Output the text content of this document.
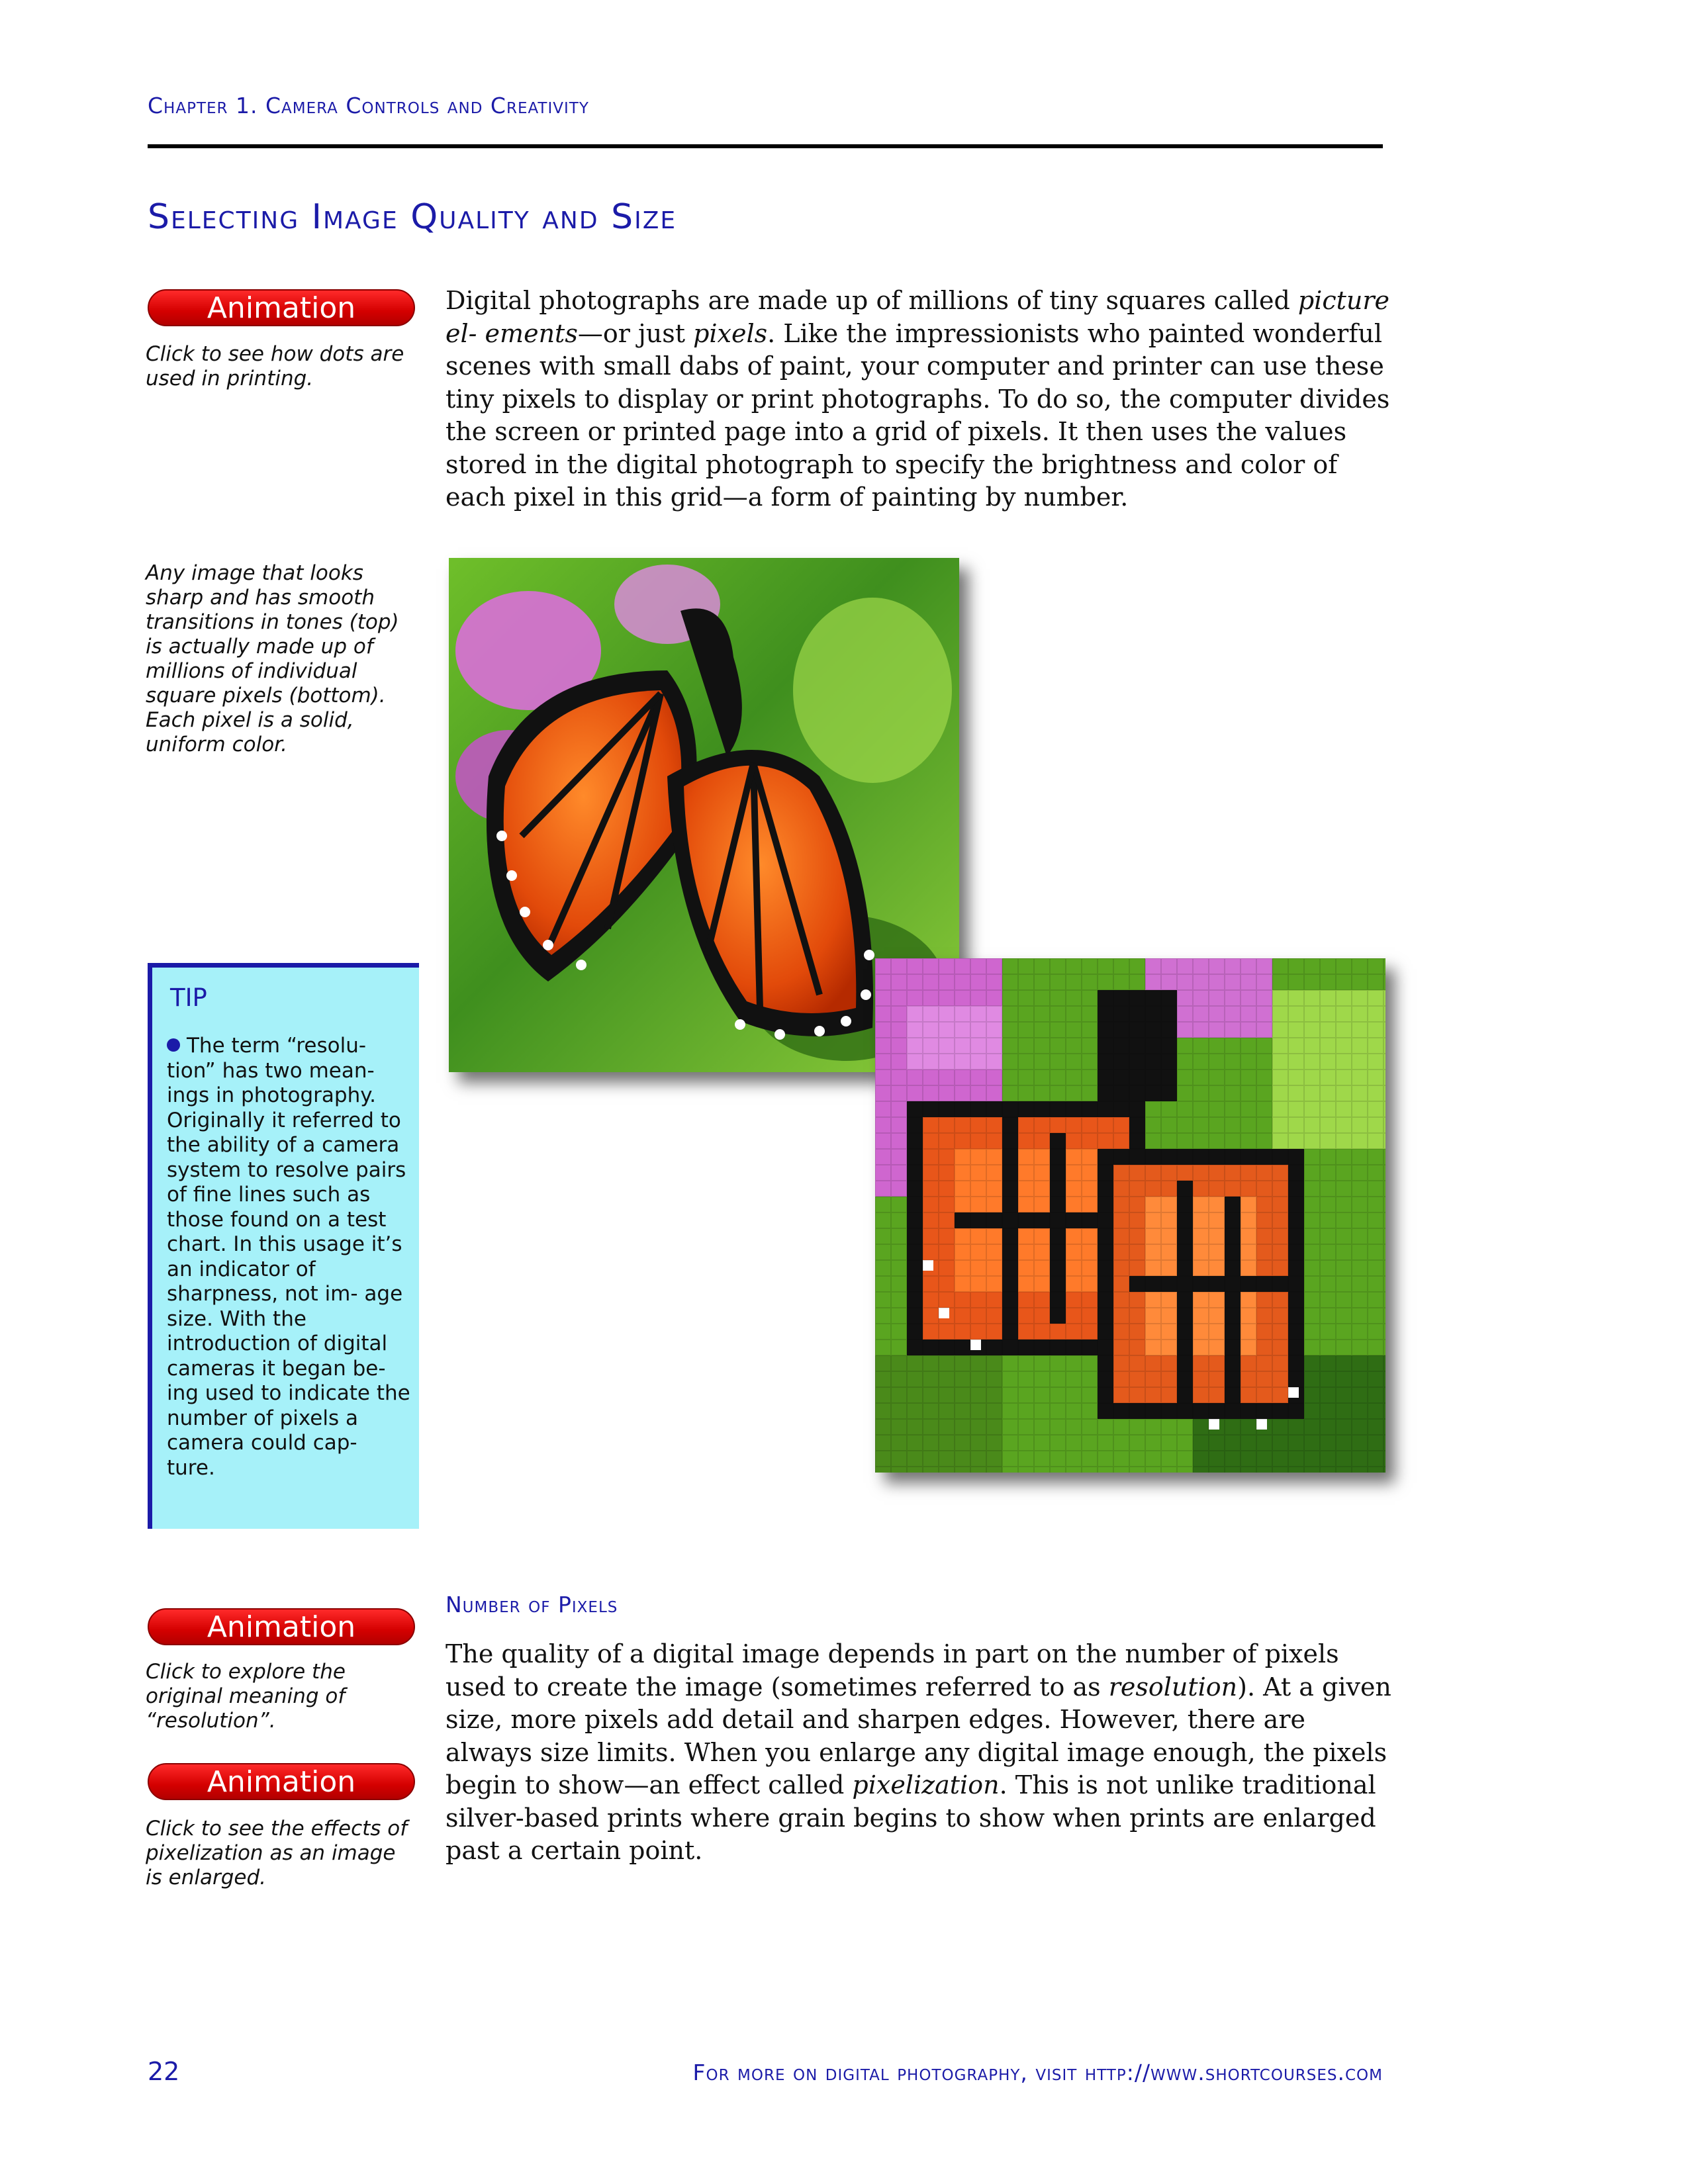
Chapter 1. Camera Controls and Creativity
Selecting Image Quality and Size
Animation
Click to see how dots are used in printing.
Any image that looks sharp and has smooth transitions in tones (top) is actually made up of millions of individual square pixels (bottom). Each pixel is a solid, uniform color.
Digital photographs are made up of millions of tiny squares called picture el- ements—or just pixels. Like the impressionists who painted wonderful scenes with small dabs of paint, your computer and printer can use these tiny pixels to display or print photographs. To do so, the computer divides the screen or printed page into a grid of pixels. It then uses the values stored in the digital photograph to specify the brightness and color of each pixel in this grid—a form of painting by number.
TIP
The term “resolu- tion” has two mean- ings in photography. Originally it referred to the ability of a camera system to resolve pairs of fine lines such as those found on a test chart. In this usage it’s an indicator of sharpness, not im- age size. With the introduction of digital cameras it began be- ing used to indicate the number of pixels a camera could cap- ture.
Animation
Click to explore the original meaning of “resolution”.
Animation
Click to see the effects of pixelization as an image is enlarged.
Number of Pixels
The quality of a digital image depends in part on the number of pixels used to create the image (sometimes referred to as resolution). At a given size, more pixels add detail and sharpen edges. However, there are always size limits. When you enlarge any digital image enough, the pixels begin to show—an effect called pixelization. This is not unlike traditional silver-based prints where grain begins to show when prints are enlarged past a certain point.
22	For more on digital photography, visit http://www.shortcourses.com
